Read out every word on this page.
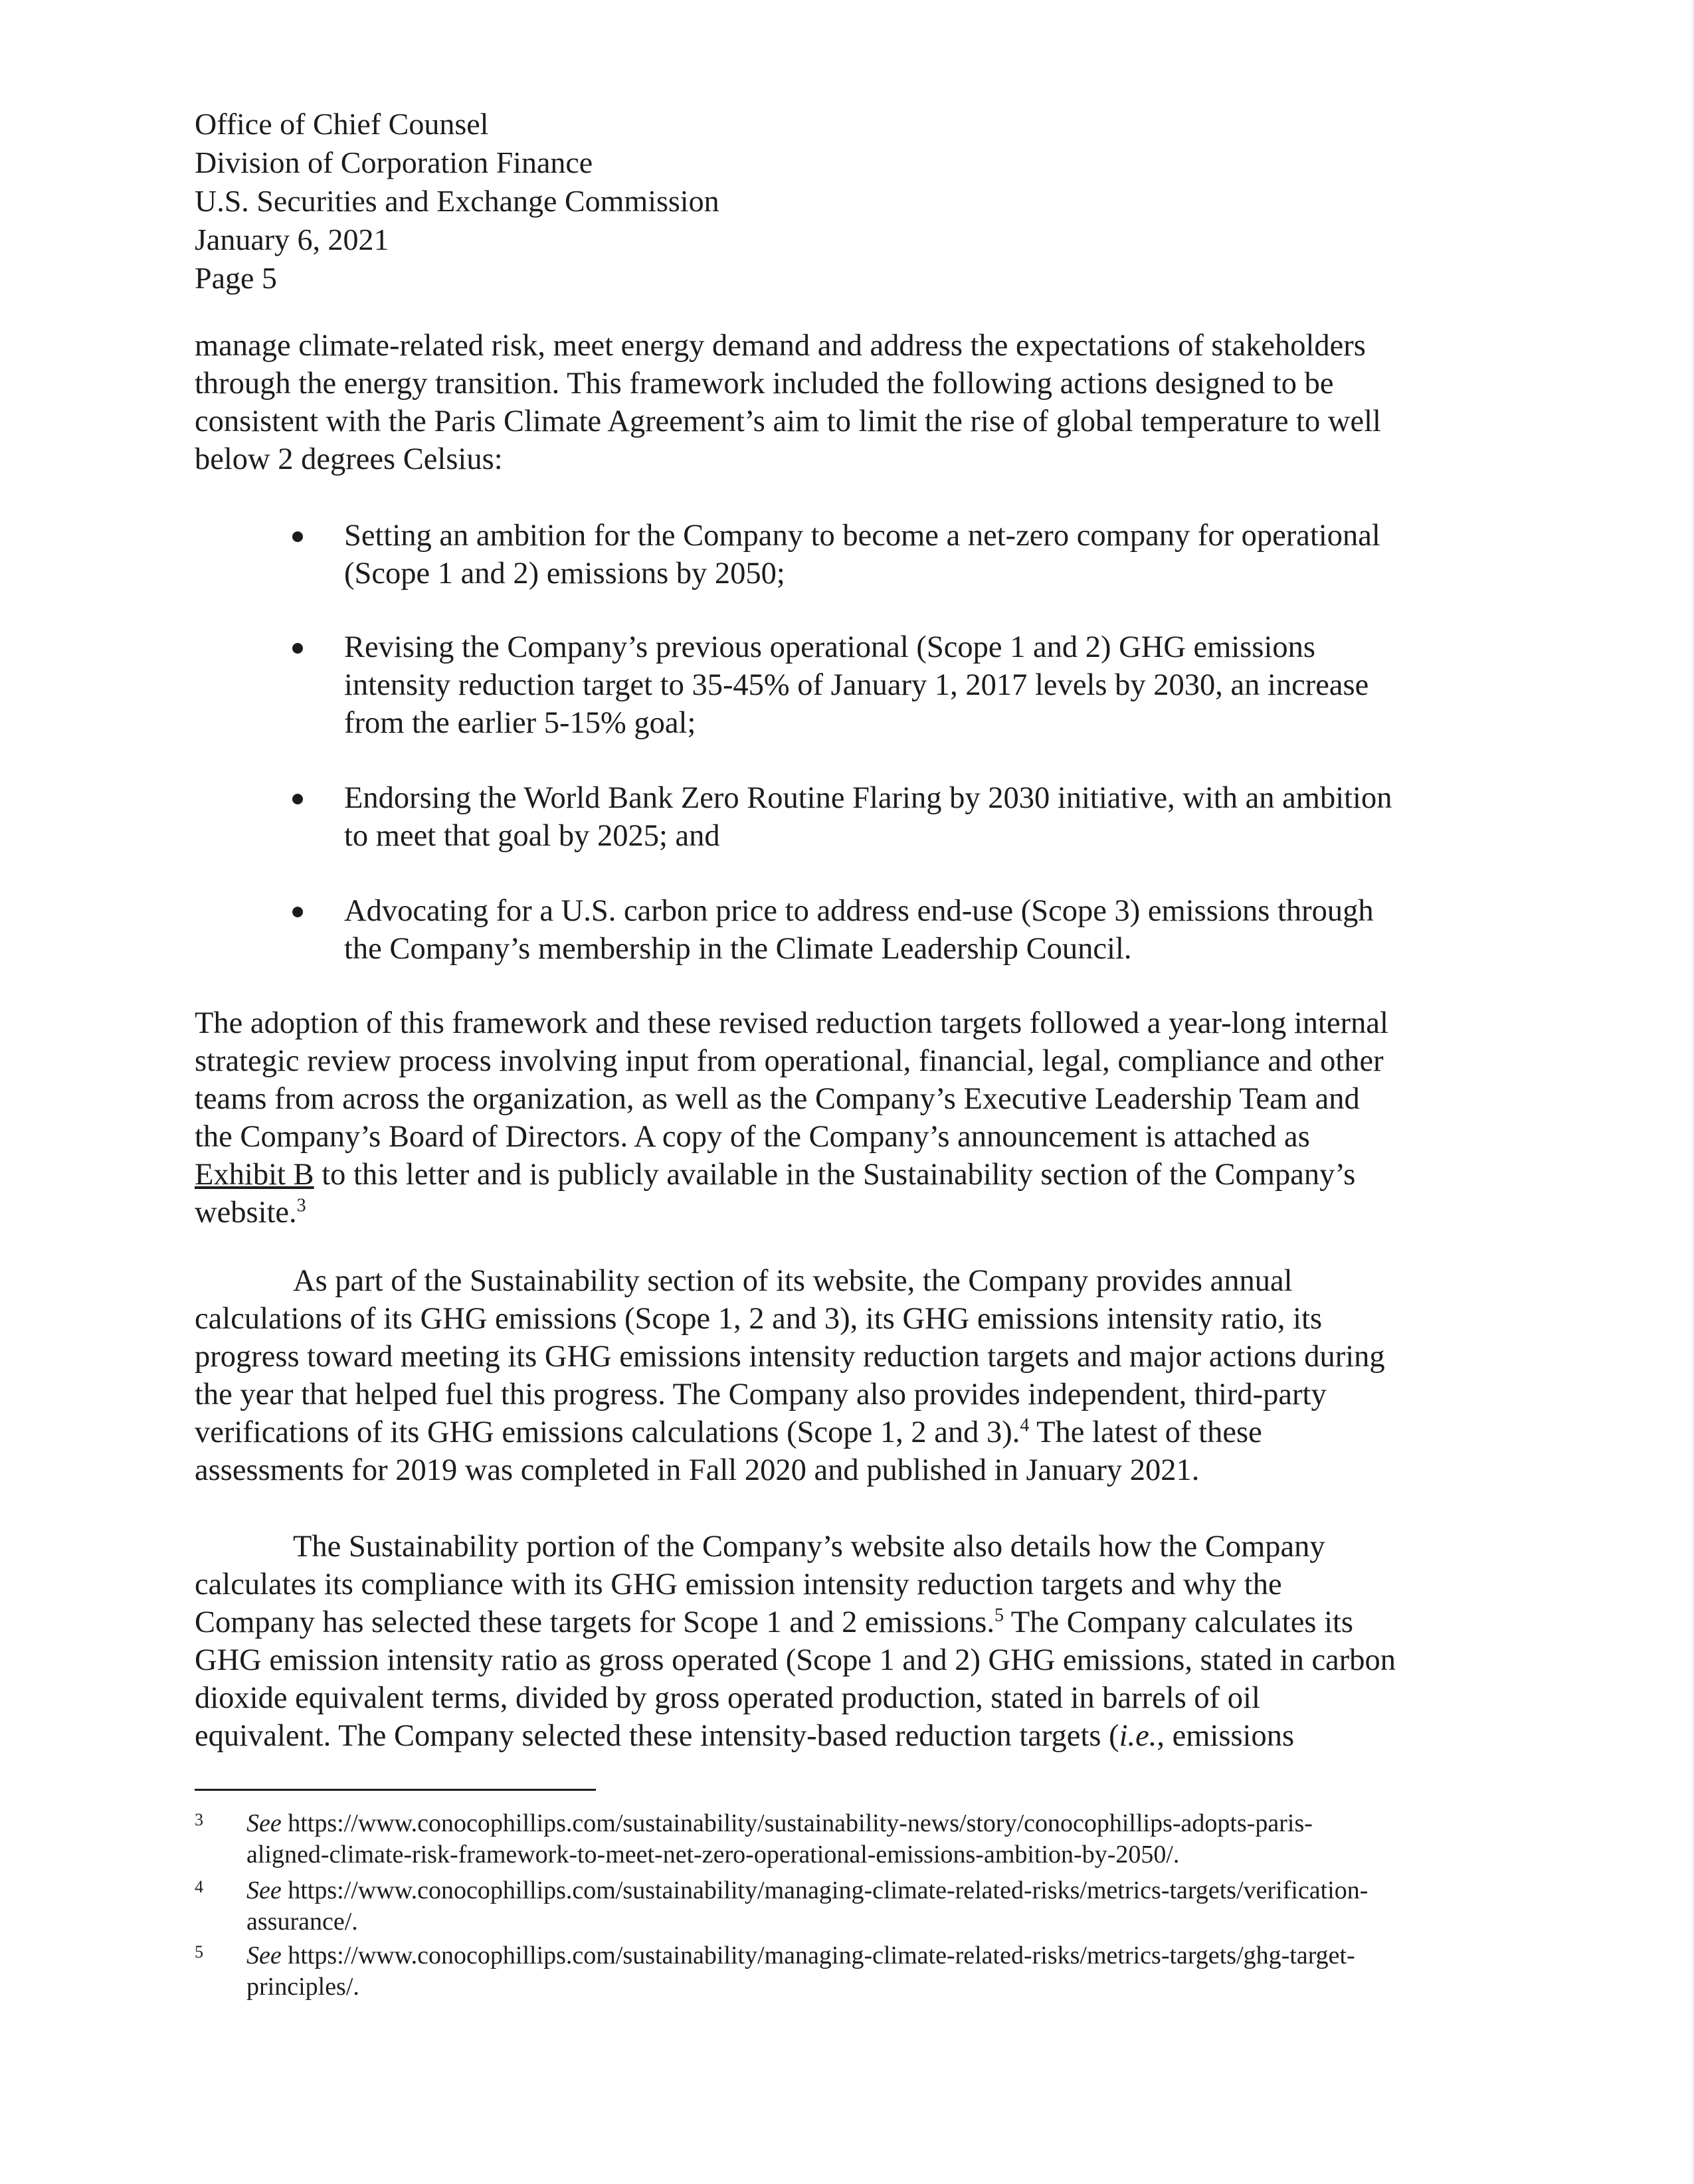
Office of Chief Counsel
Division of Corporation Finance
U.S. Securities and Exchange Commission
January 6, 2021
Page 5
manage climate-related risk, meet energy demand and address the expectations of stakeholders
through the energy transition. This framework included the following actions designed to be
consistent with the Paris Climate Agreement’s aim to limit the rise of global temperature to well
below 2 degrees Celsius:
Setting an ambition for the Company to become a net-zero company for operational
(Scope 1 and 2) emissions by 2050;
Revising the Company’s previous operational (Scope 1 and 2) GHG emissions
intensity reduction target to 35-45% of January 1, 2017 levels by 2030, an increase
from the earlier 5-15% goal;
Endorsing the World Bank Zero Routine Flaring by 2030 initiative, with an ambition
to meet that goal by 2025; and
Advocating for a U.S. carbon price to address end-use (Scope 3) emissions through
the Company’s membership in the Climate Leadership Council.
The adoption of this framework and these revised reduction targets followed a year-long internal
strategic review process involving input from operational, financial, legal, compliance and other
teams from across the organization, as well as the Company’s Executive Leadership Team and
the Company’s Board of Directors. A copy of the Company’s announcement is attached as
Exhibit B to this letter and is publicly available in the Sustainability section of the Company’s
website.$^3$
As part of the Sustainability section of its website, the Company provides annual
calculations of its GHG emissions (Scope 1, 2 and 3), its GHG emissions intensity ratio, its
progress toward meeting its GHG emissions intensity reduction targets and major actions during
the year that helped fuel this progress. The Company also provides independent, third-party
verifications of its GHG emissions calculations (Scope 1, 2 and 3).$^4$ The latest of these
assessments for 2019 was completed in Fall 2020 and published in January 2021.
The Sustainability portion of the Company’s website also details how the Company
calculates its compliance with its GHG emission intensity reduction targets and why the
Company has selected these targets for Scope 1 and 2 emissions.$^5$ The Company calculates its
GHG emission intensity ratio as gross operated (Scope 1 and 2) GHG emissions, stated in carbon
dioxide equivalent terms, divided by gross operated production, stated in barrels of oil
equivalent. The Company selected these intensity-based reduction targets (i.e., emissions
3 See https://www.conocophillips.com/sustainability/sustainability-news/story/conocophillips-adopts-paris-
aligned-climate-risk-framework-to-meet-net-zero-operational-emissions-ambition-by-2050/.
4 See https://www.conocophillips.com/sustainability/managing-climate-related-risks/metrics-targets/verification-
assurance/.
5 See https://www.conocophillips.com/sustainability/managing-climate-related-risks/metrics-targets/ghg-target-
principles/.
